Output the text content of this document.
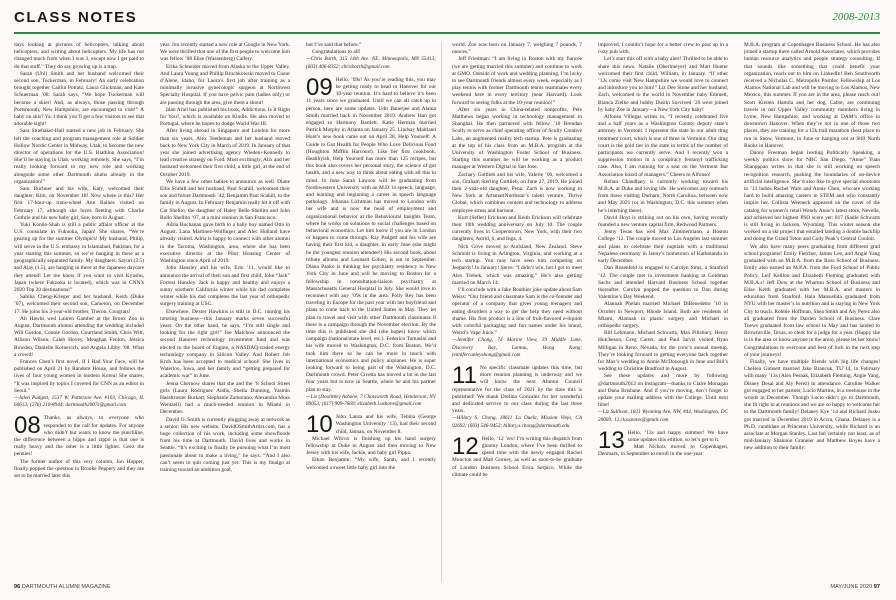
CLASS NOTES	2008-2013

days looking at pictures of helicopters, talking about helicopters, and writing about helicopters. My life has not changed much from when I was 3, except now I get paid to do that stuff.” They do say growing up is a trap.

Sarah (Uhl) Smith and her husband welcomed their second son, Tuckerman, in February! An early celebration brought together Caitlin Potratz, Laura Glickman, and Kate Schuerman ’08. Sarah says, “We hope Tuckerman will become a skier! And, as always, those passing through Portsmouth, New Hampshire, are encouraged to visit!” A baby on skis? Ya, I think you’ll get a few visitors to see that adorable sight!

Sara Stuebaker-Hall started a new job in February. She left the coaching and program management role at Soldier Hollow Nordic Center in Midway, Utah, to become the new director of operations for the U.S. Biathlon Association! She’ll be staying in Utah, working remotely. She says, “I’m really looking forward to my new role and working alongside some other Dartmouth alums already in the organization!”

Sam Buchner and his wife, Katy, welcomed their daughter, Kim, on November 18! Now where is this? Her first 17-hour-up trans-wheel Ann Raines visited on February 17, although she loves fleeting with Charlie Guthrie and his new baby girl, Sue, born in August.

Yuki Kondo-Shah is still a public affairs officer at the U.S. consulate in Fukuoka, Japan! She shares, “We’re gearing up for the summer Olympics! My husband, Philip, will serve in the U.S. embassy in Islamabad, Pakistan, for a year starting this summer, so we’re hanging in there as a geographically separated family. My daughters, Sayuri (3.5) and Ajay (1.5), are hanging in there at the Japanese daycare they attend! Let me know if you want to visit Kyushu, Japan (where Fukuoka is located), which was in CNN’s 2020 Top 20 destinations!”

Sabiha Cheng-Krieger and her husband, Keith (Duke ’07), welcomed their second son, Cameron, on December 17. He joins his 3-year-old brother, Theron. Congrats!

Ali Hawks wed Lauren Gamber at the Bronx Zoo in August. Dartmouth alumni attending the wedding included Will Gordon, Connie Gordon, Courtland Smith, Chris Witt, Allison Wilson, Caleb Hovey, Meaghan Fenlon, Jessica Rowden, Danielle Kornevich, and Angela Libby ’08. What a crowd!

Frances Chen’s first novel, If I Had Your Face, will be published on April 21 by Random House, and follows the lives of four young women in modern Korea! She shares, “It was inspired by topics I covered for CNN as an editor in Seoul.”

—Jalen Padgett, 1537 W. Patterson Ave. #103, Chicago, IL 60613; (276) 210-8944; dartmouth2007s@gmail.com

08 Thanks, as always, to everyone who responded to the call for updates. For anyone who didn’t but wants to know the punchline, the difference between a hippo and zippo is that one is really heavy and the other is a little lighter. Geez the pennies!

The former author of this very column, Jon Hopper, finally popped the question to Brooke Peppery and they are set to be married later this

year. Jon recently started a new role at Google in New York. We were thrilled that one of the first people to welcome him was fellow ’08 Elise (Wassenberg) Callery.

Erika Schneider moved from Alaska to the Upper Valley. And Laura Young and Phillip Bruchkowski moved to Coeur d’Alene, Idaho, for Laura’s first job after training as a minimally invasive gynecologic surgeon at Northwest Specialty Hospital. If you have pelvic pain (ladies only) or are passing through the area, give them a shout!

Idan Ariel has published his book, Addictions. Is It Right for You?, which is available on Kindle. He also moved to Portugal, where he hopes to dodge World War III.

After living abroad in Singapore and London for more than six years, Alex Teetleman and her husband moved back to New York City in March of 2019. In January of that year she joined advertising agency Wieden+Kennedy to lead creative strategy on Ford. Most excitingly, Alix and her husband welcomed their first child, a little girl, at the end of October 2019.

We have a few other babies to announce as well. Diane Ellis Scahill and her husband, Paul Scahill, welcomed their son and future Dartmouth ’42, Benjamin Paul Scahill, to the family in August. In February Benjamin really hit it off with Cat Shelito, the daughter of Haley Belle Shellito and John Bollo Shellito ’07, at a mini reunion in San Francisco.

Adria Buchanan gave birth to a baby boy named Otto in August. Lana Martinez-Wolfinger and Alec Holland have already visited. Adria is happy to connect with other alumni in the Tacoma, Washington, area, where she has been executive director at the Pilot Housing Center of Washington since April of 2019.

John Hansley and his wife, Erin ’11, would like to announce the arrival of their son and first child, John “Jack” Forrest Hansley. Jack is happy and healthy and enjoys a sunny southern California winter while his dad completes winter while his dad completes the last year of orthopedic surgery training at USC.

Elsewhere, Dexter Hawkins is still in D.C. running his tutoring business—this January marks seven successful years. On the other hand, he says, “I’m still single and looking for the right girl!” Joe Malchow announced the second Hanover technology investment fund and was elected to the board of Engine, a NASDAQ-traded energy technology company in Silicon Valley. And Robert Job Kroh has been accepted to medical school! She lives in Waterloo, Iowa, and her family and “getting prepared for academic war” in June.

Jenna Chernow shares that she and the ’8 School Street girls (Laura Rodriguez Audis, Sheila Dunning, Yasmin Haseltroster Burkart, Stephanie Zamorano, Alexandra Moss Wentzell) had a much-needed reunion in Miami in December.

David O. Smith is currently plugging away at network as a senior. His new website, DavidOSmithArtist.com, has a huge collection of his work, including some showfloods from his time at Dartmouth. David lives and works in Seattle. “It’s exciting to finally be pursuing what I’m most passionate about to make a living,” he says. “And I also can’t seem to quit coming just yet. This is my finalgo at training toward an ambition goal,

but I’ve said that before.”

Congratulations to all!

—Chris Borth, 315 14th Ave. NE, Minneapolis, MN 55413; (603) 406-8352; chrisborth@gmail.com

09 Hello, ’09s! As you’re reading this, you may be getting ready to head to Hanover for our 10-year reunion. It’s hard to believe it’s been 11 years since we graduated. Until we can all catch up in person, here are some updates. Udit Banerjee and Alaina Smith married back in November 2019. Andrew Han got engaged to Harmony Bartlett. Katie Herman married Patrick Murphy in Atlanta on January 25. Lindsay Maitland Hunt’s new book came out on April 28, Help Yourself: A Guide to Gut Health for People Who Love Delicious Food (Houghton Mifflin Harcourt). Like her first cookbook, Healthyish, Help Yourself has more than 125 recipes, but this book also covers her personal story, the science of gut health, and a new way to think about eating with all this in mind. In June Sarah Lawson will be graduating from Northwestern University with an M.D. in speech, language, and learning and beginning a career in speech language pathology. Johanna Lichtman has moved to London with her wife and is now the head of employment and organizational behavior at the Behavioural Insights Team, where he works on solutions to social challenges based on behavioral economics. Let him know if you are in London or happen to come through. Ray Padgett and his wife are having their first kid, a daughter, in early June (she might be the youngest reunion attendee!) His second book, about tribute albums and Leonard Cohen, is out in September. Diana Panko is thinking her psychiatry residency in New York City in June and will be moving to Boston for a fellowship in consultation-liaison psychiatry at Massachusetts General Hospital in July. She would love to reconnect with any ’09s in the area. Polly Rey has been traveling in Europe for the past year with her boyfriend and plans to come back to the United States in May. They let plan to travel and visit with other Dartmouth classmates if there is a campaign through the November election. By the time this is published she did (she hopes) know which campaign (national/state level, etc.). Federico Tomasini and his wife moved to Washington, D.C. from Boston. We’d took him there so he can be more in touch with international economics and policy airplanes. He is super looking forward to being part of the Washington, D.C. Dartmouth crowd. Peter Civetta has moved a lot in the last four years but is now in Seattle, where he and his partner plan to stay.

—Liz (Doolittle) Ashone, 7 Chatsworth Road, Henderson, NV 89053; (617) 909-7669; elizabeth.l.ashone@gmail.com

10 John Lanza and his wife, Tebina (George Washington University ’13), had their second child, Jannan, on November 8.

Michael Wilcox is finishing up his hand surgery fellowship at Duke in August and then moving to New Jersey with his wife, Jackie, and baby girl Pippa.

Ethan Benjamin: “My wife, Sarah, and I recently welcomed a sweet little baby girl into the

world. Zoe was born on January 7, weighing 7 pounds, 7 ounces.”

Jeff Friedman: “I am living in Boston with my fiancée (we are getting married this summer) and continue to work at GMO. Outside of work and wedding planning, I’m lucky to see Dartmouth friends almost every week, especially as I play tennis with former Dartmouth tennis teammates every weekend here in every territory (near Harvard). Look forward to seeing folks at the 10-year reunion!”

After six years in China-related nonprofits, Pete Matthews began working in technology management in Shanghai. He then partnered with fellow ’10 Brendan Scully to serve as chief operating officer of Scully Creative Labs, an augmented reality tech startup. Pete is graduating at the top of his class from an M.B.A. program at the University of Washington Foster School of Business. Starting this summer he will be working as a product manager at Western Digital in San Jose.

Zachary Gottlieb and his wife, Valerie ’06, welcomed a son, Graham Sterling Gottlieb, on June 27, 2019. He joined their 2-year-old daughter, Penn. Zach is now working in New York at ArtsmartNorthstar’s talent venture, Thrive Global, which combines content and technology to address employee stress and burnout.

Kurt (Sefler) Erickson and Keith Erickson will celebrate their 10th wedding anniversary on July 10. The couple currently lives in Cooperstown, New York, with their two daughters, Astrid, 6, and Inga, 4.

Nick Gove moved to Auckland, New Zealand. Steve Schmidt is living in Arlington, Virginia, and working at a tech startup. You may have seen him competing on Jeopardy! In January! Steve: “I didn’t win, but I got to meet Alex Trebek, which was amazing.” He’s also getting married on March 14.

I’ll conclude with a Jake Bouthier joke update about Sam Weiss: “Our friend and classmate Sam is the co-founder and operator of a company that gives young teenagers and eating disorders a way to get the help they need without shame. His first product is a line of fruit-flavored e-liquids with colorful packaging and fun names under his brand, Weird’s Vape Juice.”

—Jennifer Chong, 74 Marine View, 19 Middle Lane, Discovery Bay, Lantau, Hong Kong; jennifercanleyshong@gmail.com

11 No specific classmate updates this time, but more reunion planning is underway and we will know the next Alumni Council representative for the class of 2021 by the time this is published! We thank Drellna Gonzalez for her wonderful and dedicated service to our class during the last three years.

—Hillary S. Chong, 18611 La Ouela, Mission Viejo, CA 92692; (603) 546-9452; hillary.s.chong@dartmouth.edu

12 Hello, ’12 ’ers! I’m writing this dispatch from gloomy London, where I’ve been thrilled to spend time with the newly engaged Rachel Moncton and Matt Gurney, as well as soon-to-be graduate of London Business School Erica Serpico. While the climate could be

improved, I couldn’t hope for a better crew to post up in a cozy pub with.

Let’s start this off with a baby alert! Thrilled to be able to share this news. Natalie (Oberlmeyer) and Matt Hunter welcomed their first child, William, in January. “If other ’12s come visit New Hampshire we would love to connect and introduce you to him!” Liz Dee Stone and her husband, Zach, welcomed to the world in November baby Emmett, Bianca Zielke and hubby Dustin Survived ’20 were joined by baby Zoe in January—a New York City baby!

Alfonso Villegas writes in, “I recently celebrated five and a half years as a Washington County deputy state’s attorney in Vermont. I represent the state in our adult drug treatment court, which is one of three in Vermont. Our drug court is the gold tier in the state in terms of the number of participants we currently serve. And I recently won a suppression motion in a conspiracy fentanyl trafficking case. Also, I am running for a seat on the Vermont Bar Association board of managers.” Cheers to Alfonso!

Rohan Chaudhary is currently working toward his M.B.A. at Duke and loving life. He welcomes any outreach from those visiting Durham, North Carolina, between now and May 2021 (or in Washington, D.C. this summer when he’s interning there).

David Hoyt is striking out on his own, having recently founded a new venture capital firm, Redwood Partners.

Jenny Tesas has wed Max Zimmermann, a Boston College ’12. The couple moved to Los Angeles last summer and plans to celebrate their nuptials with a traditional Nepalese ceremony in Jenny’s hometown of Kathmandu in early December.

Dan Rosenfeld is engaged to Carolyn Sims, a Stanford ’12. The couple met in investment banking at Goldman Sachs and attended Harvard Business School together thereafter. Carolyn popped the question to Dan during Valentine’s Day Weekend.

Alannah Phelan married Michael DiBenedetto ’10 in October in Newport, Rhode Island. Both are residents of Miami, Alannah in plastic surgery and Michael in orthopedic surgery.

Bill Lehmann, Michael Schwartz, Max Pillsbury, Henry Hutcheson, Greg Carter, and Paul Jarvis visited Ryan Milligan in Reno, Nevada, for the crew’s annual meetup. They’re looking forward to getting everyone back together for Max’s wedding to Annie McDonough in June and Bill’s wedding to Christine Bradford in August.

See these updates and more by following @dartmouth2012 on Instagram—thanks to Claire Monagan and Dana Brisbane. And if you’re moving, don’t forget to update your mailing address with the College. Until next time!

—Liz Sullivan, 1821 Wyoming Ave. NW, #44, Washington, DC 20009; 12.classnotes@gmail.com

13 Hello, ’13s and happy summer! We have some updates this edition, so let’s get to it.

Matt Nichols moved to Copenhagen, Denmark, in September to enroll in the one-year

M.B.A. program at Copenhagen Business School. He has also joined a startup there called Arnold Associates, which provides human resource analytics and people strategy consulting. If that sounds like something that could benefit your organization, reach out to him on LinkedIn! Ben Southworth received a Nicholas C. Metropolis Postdoc Fellowship at Los Alamos National Lab and will be moving to Los Alamos, New Mexico, this summer. If you are in the area, please reach out! Scott Kirsten Hamila and her dog, Cabot, are continuing travels in our Upper Valley community members living in Lyme, New Hampshire, and working at DAM’s office in downtown Hanover. When they’re not in one of those two places, they are training for a 12k trail marathon (best place to run in Snow, Vermont, in June or hanging out at Still North Books in Hanover.

Danny Freeman began hosting Politically Speaking, a weekly politics show for NBC San Diego. “Anne” Yuan Shanpppan writes in that she is still working on speech recognition research, pushing the boundaries of on-device artificial intelligence. She’d also like to give special shoutouts to ’13 ladies Rachel Ware and Annie Chen, who are working hard to build amazing careers in STEM and who constantly inspire her. Collista Weeneck appeared on the cover of the catalog for women’s retail Wendy Anne’s latest store, Nevelle, and achieved her highest PSO score yet: 817 (Sadie Schwarts is still living in Jackson, Wyoming. This winter season she worked on a ski project that entailed landing a double backflip and doing the Grand Teton and Cody Peak’s Central Couloir.

We also have many peers graduating from different grad school programs! Emily Fletcher, James Lee, and Angie Yang graduated with an M.B.A. from the Ross School of Business. Emily also earned an M.P.A. from the Ford School of Public Policy. Leif Keillon and Elizabeth Fleming graduated with M.B.A.s! Jeff Dow at the Wharton School of Business and Elise Keith graduated with her M.B.A. and masters in education from Stanford. Hala Matsushita graduated from NYU with her master’s in nutrition and is staying in New York City to teach. Robbie Hoffman, Shea Smith and Aly Perez also all graduated from the Darden School of Business. Clare Toews graduated from law school in May and has landed to Brownsville, Texas, to clerk for a judge for a year. (Happy she is in the area or know anyone in the area), please let her know! Congratulations to everyone and best of luck in the next step of your journeys!

Finally, we have multiple friends with big life changes! Chelsea Gimsett married Jake Brancuk, TU’14, in February with many ’13s (Alex Pesnak, Elizabeth Fleming, Angie Yang, Disney Desai and Aly Perez) in attendance. Caroline Walker got engaged to her partner, Lucio Martins, in a treehouse in the woods in December. Though Lucio didn’t go to Dartmouth, she fit right in at reunions and we are so happy to welcome her to the Dartmouth family! Delaney Kye ’14 and Richard Jusko got married in December 2019 in Accra, Ghana. Delaney is a Ph.D. candidate at Princeton University, while Richard is an associate at Morgan Stanley. Last but certainly not least, as of mid-January Shannon Graneier and Matthew Boyes have a new addition to their family:

96 DARTMOUTH ALUMNI MAGAZINE	MAY/JUNE 2020 97
